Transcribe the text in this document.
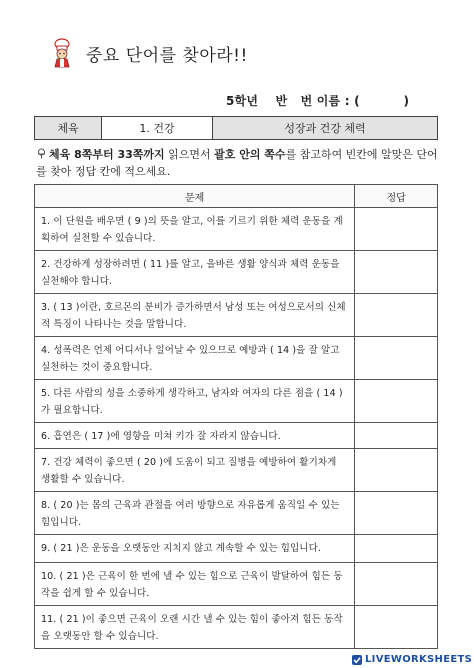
중요 단어를 찾아라!!
5학년    반   번 이름 : (          )
체육	1. 건강	성장과 건강 체력
체육 8쪽부터 33쪽까지 읽으면서 괄호 안의 쪽수를 참고하여 빈칸에 알맞은 단어를 찾아 정답 칸에 적으세요.
문제	정답
1. 이 단원을 배우면 ( 9 )의 뜻을 알고, 이를 기르기 위한 체력 운동을 계획하여 실천할 수 있습니다.	
2. 건강하게 성장하려면 ( 11 )를 알고, 올바른 생활 양식과 체력 운동을 실천해야 합니다.	
3. ( 13 )이란, 호르몬의 분비가 증가하면서 남성 또는 여성으로서의 신체적 특징이 나타나는 것을 말합니다.	
4. 성폭력은 언제 어디서나 일어날 수 있으므로 예방과 ( 14 )을 잘 알고 실천하는 것이 중요합니다.	
5. 다른 사람의 성을 소중하게 생각하고, 남자와 여자의 다른 점을 ( 14 )가 필요합니다.	
6. 흡연은 ( 17 )에 영향을 미쳐 키가 잘 자라지 않습니다.	
7. 건강 체력이 좋으면 ( 20 )에 도움이 되고 질병을 예방하여 활기차게 생활할 수 있습니다.	
8. ( 20 )는 몸의 근육과 관절을 여러 방향으로 자유롭게 움직일 수 있는 힘입니다.	
9. ( 21 )은 운동을 오랫동안 지치지 않고 계속할 수 있는 힘입니다.	
10. ( 21 )은 근육이 한 번에 낼 수 있는 힘으로 근육이 발달하여 힘든 동작을 쉽게 할 수 있습니다.	
11. ( 21 )이 좋으면 근육이 오랜 시간 낼 수 있는 힘이 좋아져 힘든 동작을 오랫동안 할 수 있습니다.	
LIVEWORKSHEETS
